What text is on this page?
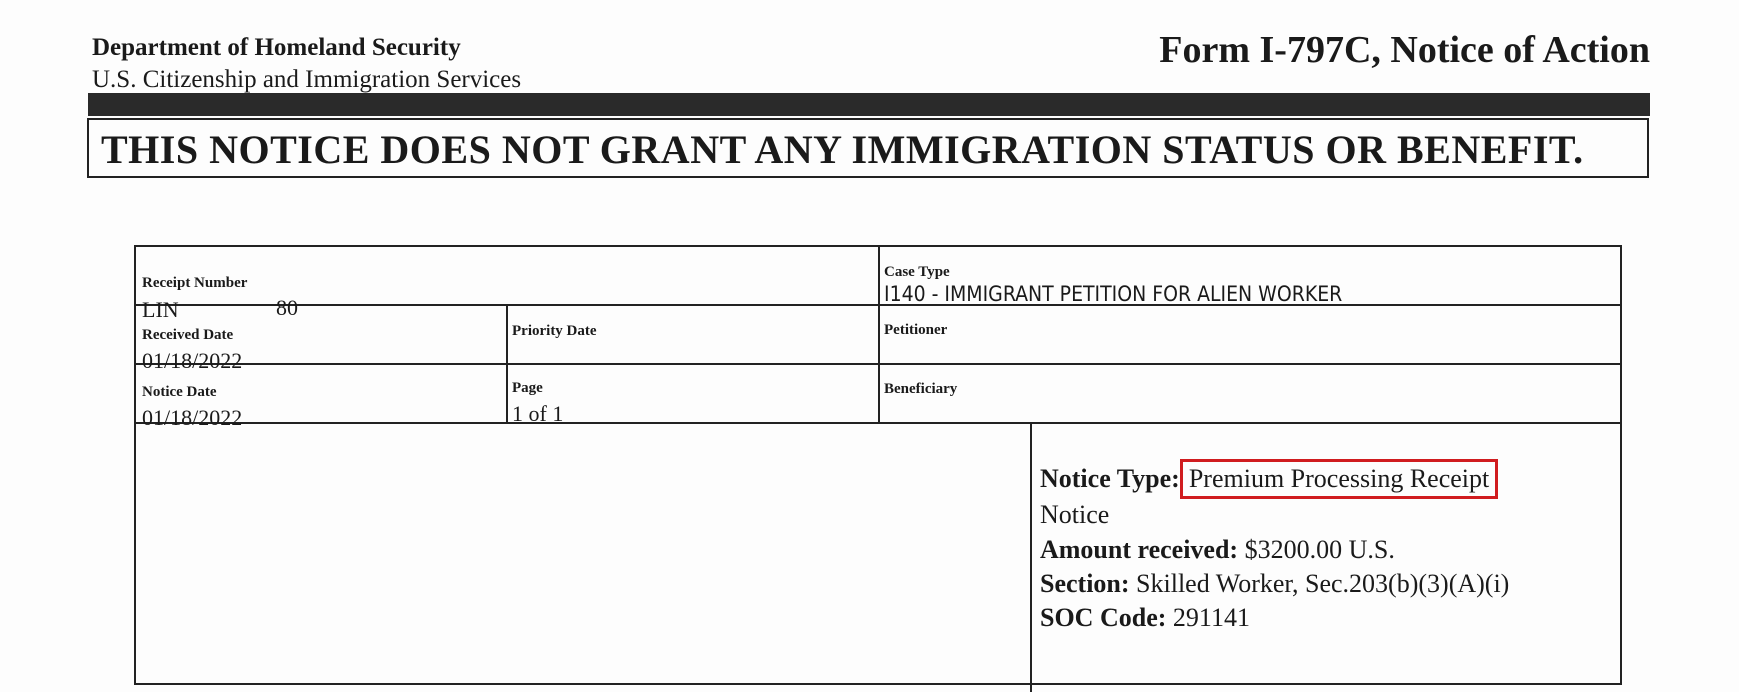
Department of Homeland Security
U.S. Citizenship and Immigration Services
Form I-797C, Notice of Action
THIS NOTICE DOES NOT GRANT ANY IMMIGRATION STATUS OR BENEFIT.
Receipt Number
LIN	80
Case Type
I140 - IMMIGRANT PETITION FOR ALIEN WORKER
Received Date
01/18/2022
Priority Date	Petitioner
Notice Date
01/18/2022
Page
1 of 1
Beneficiary
Notice Type: Premium Processing Receipt
Notice
Amount received: $3200.00 U.S.
Section: Skilled Worker, Sec.203(b)(3)(A)(i)
SOC Code: 291141
